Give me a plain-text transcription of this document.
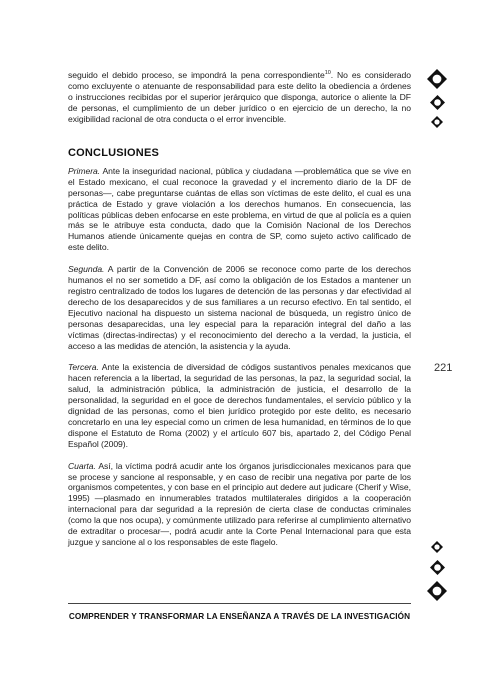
seguido el debido proceso, se impondrá la pena correspondiente$^{10}$. No es considerado como excluyente o atenuante de responsabilidad para este delito la obediencia a órdenes o instrucciones recibidas por el superior jerárquico que disponga, autorice o aliente la DF de personas, el cumplimiento de un deber jurídico o en ejercicio de un derecho, la no exigibilidad racional de otra conducta o el error invencible.

CONCLUSIONES

Primera. Ante la inseguridad nacional, pública y ciudadana —problemática que se vive en el Estado mexicano, el cual reconoce la gravedad y el incremento diario de la DF de personas—, cabe preguntarse cuántas de ellas son víctimas de este delito, el cual es una práctica de Estado y grave violación a los derechos humanos. En consecuencia, las políticas públicas deben enfocarse en este problema, en virtud de que al policía es a quien más se le atribuye esta conducta, dado que la Comisión Nacional de los Derechos Humanos atiende únicamente quejas en contra de SP, como sujeto activo calificado de este delito.

Segunda. A partir de la Convención de 2006 se reconoce como parte de los derechos humanos el no ser sometido a DF, así como la obligación de los Estados a mantener un registro centralizado de todos los lugares de detención de las personas y dar efectividad al derecho de los desaparecidos y de sus familiares a un recurso efectivo. En tal sentido, el Ejecutivo nacional ha dispuesto un sistema nacional de búsqueda, un registro único de personas desaparecidas, una ley especial para la reparación integral del daño a las víctimas (directas-indirectas) y el reconocimiento del derecho a la verdad, la justicia, el acceso a las medidas de atención, la asistencia y la ayuda.

Tercera. Ante la existencia de diversidad de códigos sustantivos penales mexicanos que hacen referencia a la libertad, la seguridad de las personas, la paz, la seguridad social, la salud, la administración pública, la administración de justicia, el desarrollo de la personalidad, la seguridad en el goce de derechos fundamentales, el servicio público y la dignidad de las personas, como el bien jurídico protegido por este delito, es necesario concretarlo en una ley especial como un crimen de lesa humanidad, en términos de lo que dispone el Estatuto de Roma (2002) y el artículo 607 bis, apartado 2, del Código Penal Español (2009).

Cuarta. Así, la víctima podrá acudir ante los órganos jurisdiccionales mexicanos para que se procese y sancione al responsable, y en caso de recibir una negativa por parte de los organismos competentes, y con base en el principio aut dedere aut judicare (Cherif y Wise, 1995) —plasmado en innumerables tratados multilaterales dirigidos a la cooperación internacional para dar seguridad a la represión de cierta clase de conductas criminales (como la que nos ocupa), y comúnmente utilizado para referirse al cumplimiento alternativo de extraditar o procesar—, podrá acudir ante la Corte Penal Internacional para que esta juzgue y sancione al o los responsables de este flagelo.

221
COMPRENDER Y TRANSFORMAR LA ENSEÑANZA A TRAVÉS DE LA INVESTIGACIÓN
